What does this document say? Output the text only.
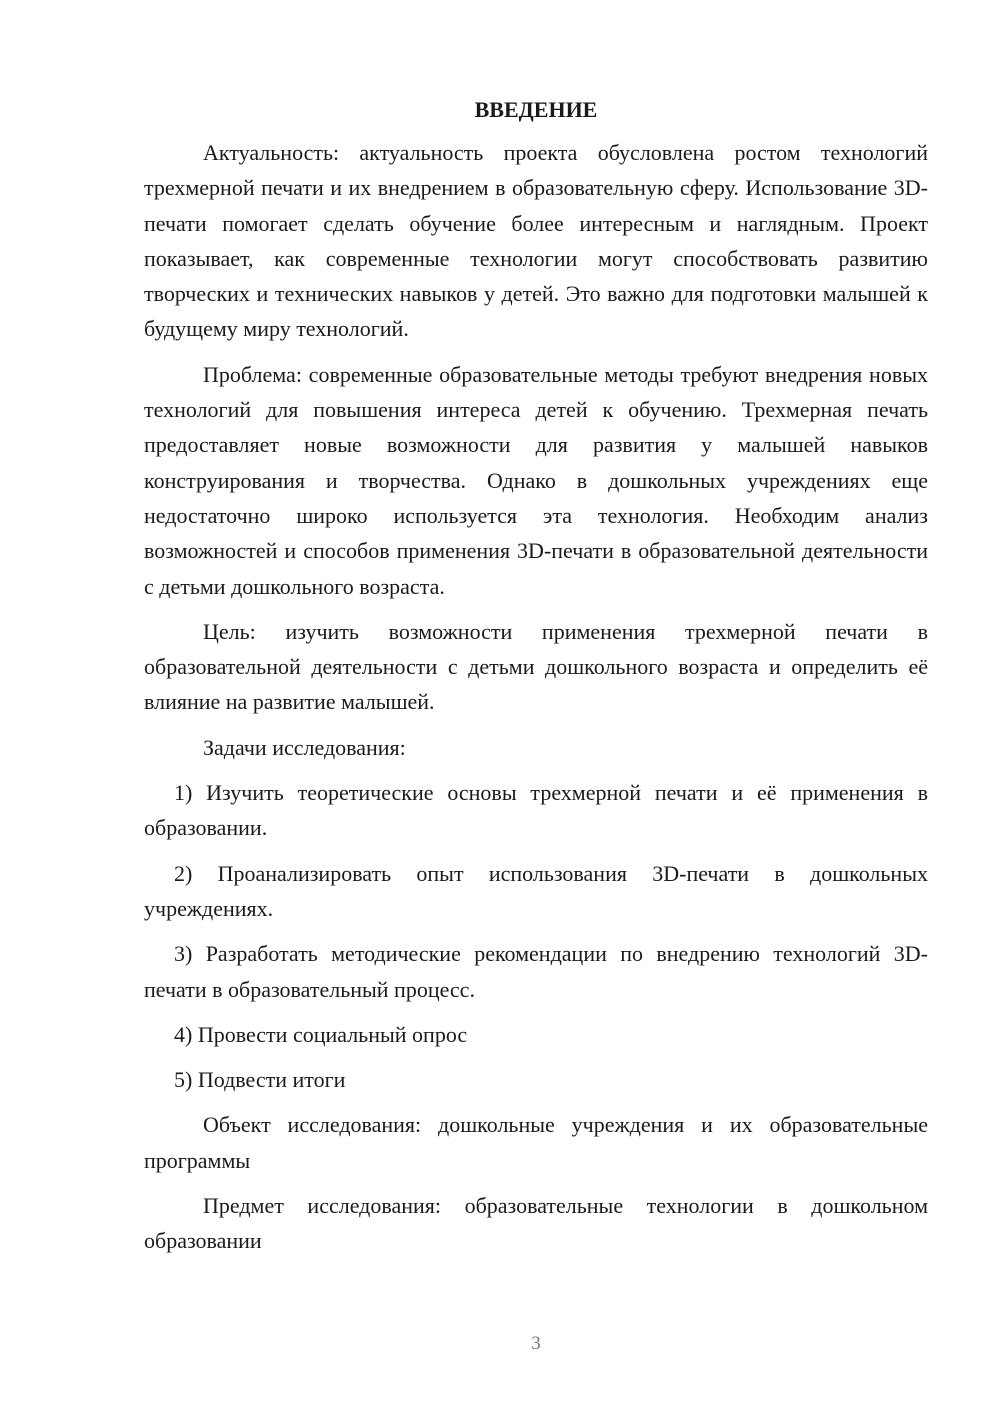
ВВЕДЕНИЕ

Актуальность: актуальность проекта обусловлена ростом технологий трехмерной печати и их внедрением в образовательную сферу. Использование 3D-печати помогает сделать обучение более интересным и наглядным. Проект показывает, как современные технологии могут способствовать развитию творческих и технических навыков у детей. Это важно для подготовки малышей к будущему миру технологий.

Проблема: современные образовательные методы требуют внедрения новых технологий для повышения интереса детей к обучению. Трехмерная печать предоставляет новые возможности для развития у малышей навыков конструирования и творчества. Однако в дошкольных учреждениях еще недостаточно широко используется эта технология. Необходим анализ возможностей и способов применения 3D-печати в образовательной деятельности с детьми дошкольного возраста.

Цель: изучить возможности применения трехмерной печати в образовательной деятельности с детьми дошкольного возраста и определить её влияние на развитие малышей.

Задачи исследования:

1) Изучить теоретические основы трехмерной печати и её применения в образовании.

2) Проанализировать опыт использования 3D-печати в дошкольных учреждениях.

3) Разработать методические рекомендации по внедрению технологий 3D-печати в образовательный процесс.

4) Провести социальный опрос

5) Подвести итоги

Объект исследования: дошкольные учреждения и их образовательные программы

Предмет исследования: образовательные технологии в дошкольном образовании

3
